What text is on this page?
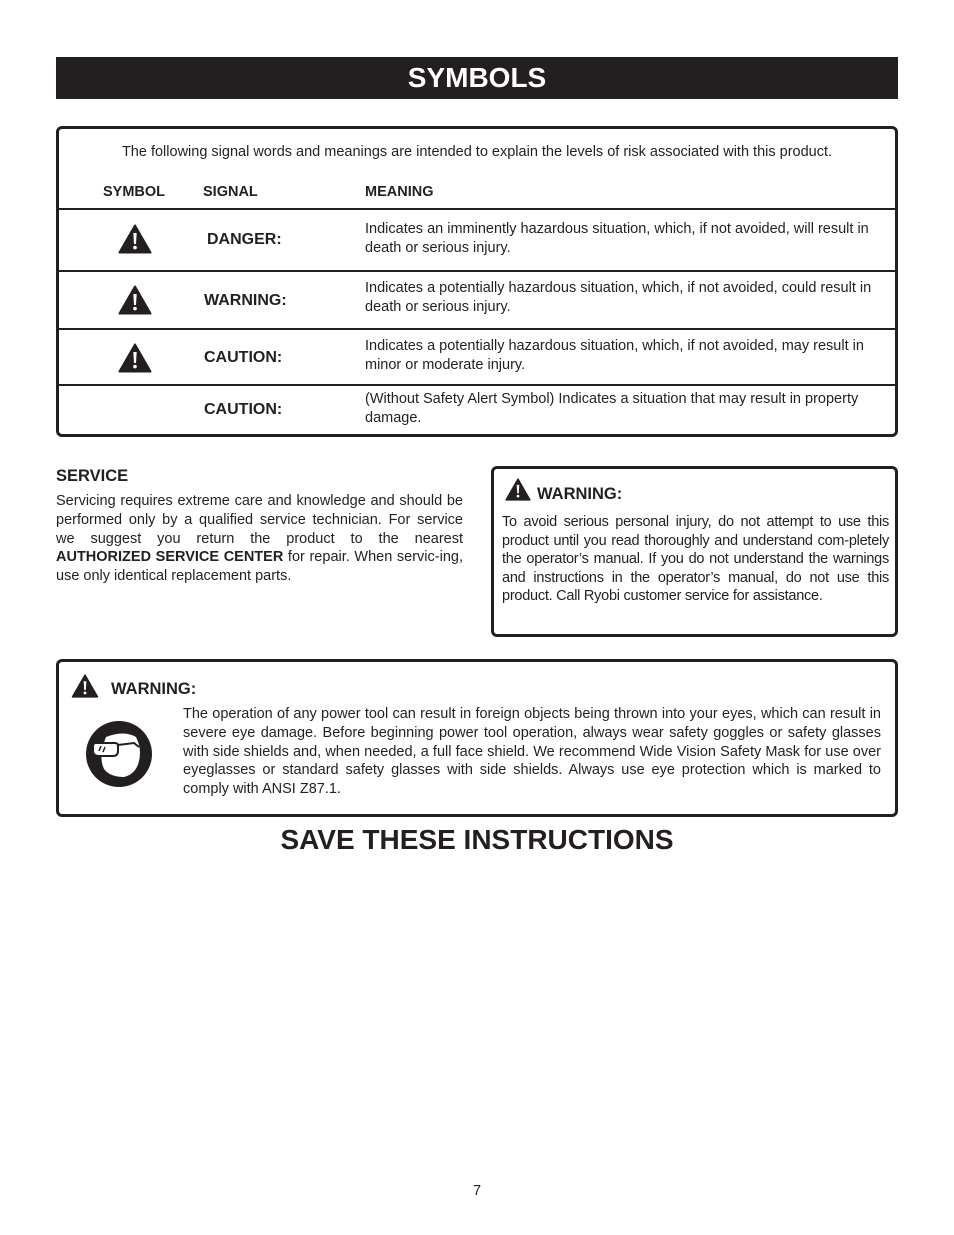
SYMBOLS
The following signal words and meanings are intended to explain the levels of risk associated with this product.
SYMBOL	SIGNAL	MEANING
DANGER:
Indicates an imminently hazardous situation, which, if not avoided, will result in death or serious injury.
WARNING:
Indicates a potentially hazardous situation, which, if not avoided, could result in death or serious injury.
CAUTION:
Indicates a potentially hazardous situation, which, if not avoided, may result in minor or moderate injury.
CAUTION:
(Without Safety Alert Symbol) Indicates a situation that may result in property damage.
SERVICE
Servicing requires extreme care and knowledge and should be performed only by a qualified service technician. For service we suggest you return the product to the nearest AUTHORIZED SERVICE CENTER for repair. When servic-ing, use only identical replacement parts.
WARNING:
To avoid serious personal injury, do not attempt to use this product until you read thoroughly and understand com-pletely the operator’s manual. If you do not understand the warnings and instructions in the operator’s manual, do not use this product. Call Ryobi customer service for assistance.
WARNING:
The operation of any power tool can result in foreign objects being thrown into your eyes, which can result in severe eye damage. Before beginning power tool operation, always wear safety goggles or safety glasses with side shields and, when needed, a full face shield. We recommend Wide Vision Safety Mask for use over eyeglasses or standard safety glasses with side shields. Always use eye protection which is marked to comply with ANSI Z87.1.
SAVE THESE INSTRUCTIONS
7
